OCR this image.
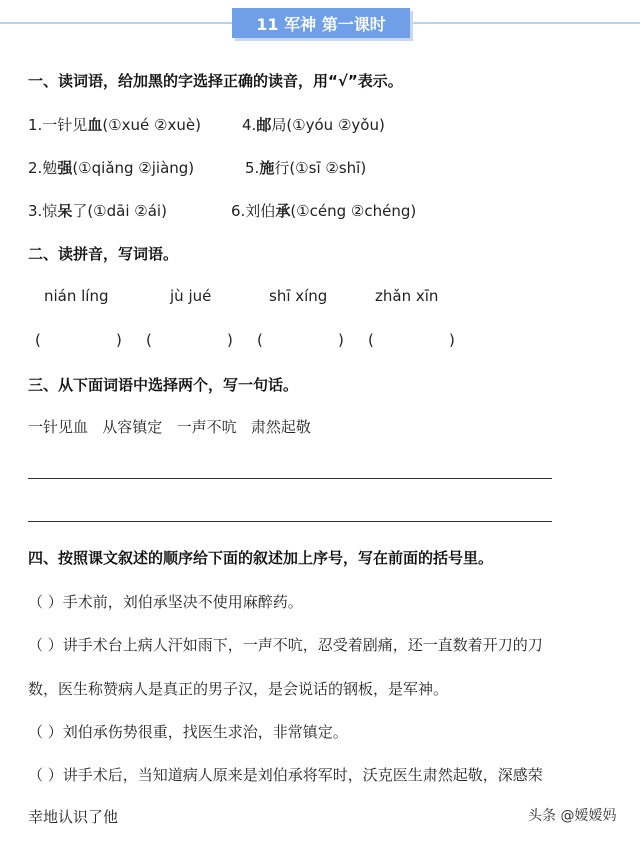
11 军神 第一课时
一、读词语，给加黑的字选择正确的读音，用“√”表示。
1.一针见血(①xué ②xuè)	4.邮局(①yóu ②yǒu)
2.勉强(①qiǎng ②jiàng)	5.施行(①sī ②shī)
3.惊呆了(①dāi ②ái)	6.刘伯承(①céng ②chéng)
二、读拼音，写词语。
nián líng	jù jué	shī xíng	zhǎn xīn
(	) (	) (	) (	)
三、从下面词语中选择两个，写一句话。
一针见血   从容镇定   一声不吭   肃然起敬
四、按照课文叙述的顺序给下面的叙述加上序号，写在前面的括号里。
（ ）手术前，刘伯承坚决不使用麻醉药。
（ ）讲手术台上病人汗如雨下，一声不吭，忍受着剧痛，还一直数着开刀的刀
数，医生称赞病人是真正的男子汉，是会说话的钢板，是军神。
（ ）刘伯承伤势很重，找医生求治，非常镇定。
（ ）讲手术后，当知道病人原来是刘伯承将军时，沃克医生肃然起敬，深感荣
幸地认识了他	头条 @嫒嫒妈
